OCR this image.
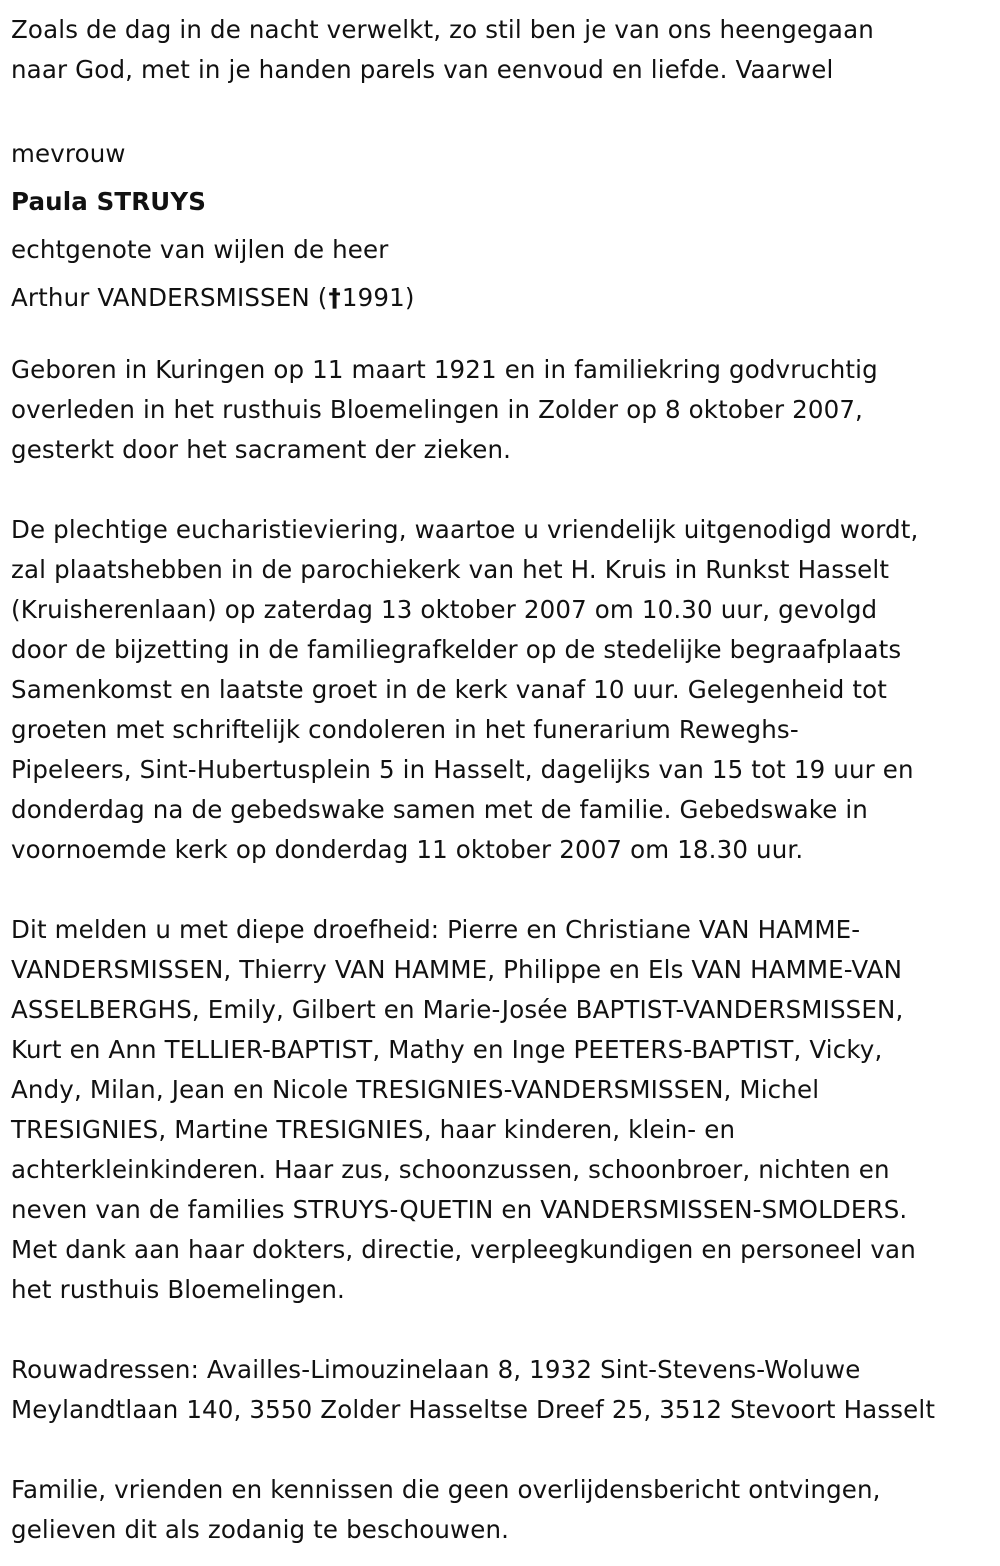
Zoals de dag in de nacht verwelkt, zo stil ben je van ons heengegaan
naar God, met in je handen parels van eenvoud en liefde. Vaarwel
mevrouw
Paula STRUYS
echtgenote van wijlen de heer
Arthur VANDERSMISSEN (†1991)
Geboren in Kuringen op 11 maart 1921 en in familiekring godvruchtig
overleden in het rusthuis Bloemelingen in Zolder op 8 oktober 2007,
gesterkt door het sacrament der zieken.
De plechtige eucharistieviering, waartoe u vriendelijk uitgenodigd wordt,
zal plaatshebben in de parochiekerk van het H. Kruis in Runkst Hasselt
(Kruisherenlaan) op zaterdag 13 oktober 2007 om 10.30 uur, gevolgd
door de bijzetting in de familiegrafkelder op de stedelijke begraafplaats
Samenkomst en laatste groet in de kerk vanaf 10 uur. Gelegenheid tot
groeten met schriftelijk condoleren in het funerarium Reweghs-
Pipeleers, Sint-Hubertusplein 5 in Hasselt, dagelijks van 15 tot 19 uur en
donderdag na de gebedswake samen met de familie. Gebedswake in
voornoemde kerk op donderdag 11 oktober 2007 om 18.30 uur.
Dit melden u met diepe droefheid: Pierre en Christiane VAN HAMME-
VANDERSMISSEN, Thierry VAN HAMME, Philippe en Els VAN HAMME-VAN
ASSELBERGHS, Emily, Gilbert en Marie-Josée BAPTIST-VANDERSMISSEN,
Kurt en Ann TELLIER-BAPTIST, Mathy en Inge PEETERS-BAPTIST, Vicky,
Andy, Milan, Jean en Nicole TRESIGNIES-VANDERSMISSEN, Michel
TRESIGNIES, Martine TRESIGNIES, haar kinderen, klein- en
achterkleinkinderen. Haar zus, schoonzussen, schoonbroer, nichten en
neven van de families STRUYS-QUETIN en VANDERSMISSEN-SMOLDERS.
Met dank aan haar dokters, directie, verpleegkundigen en personeel van
het rusthuis Bloemelingen.
Rouwadressen: Availles-Limouzinelaan 8, 1932 Sint-Stevens-Woluwe
Meylandtlaan 140, 3550 Zolder Hasseltse Dreef 25, 3512 Stevoort Hasselt
Familie, vrienden en kennissen die geen overlijdensbericht ontvingen,
gelieven dit als zodanig te beschouwen.
